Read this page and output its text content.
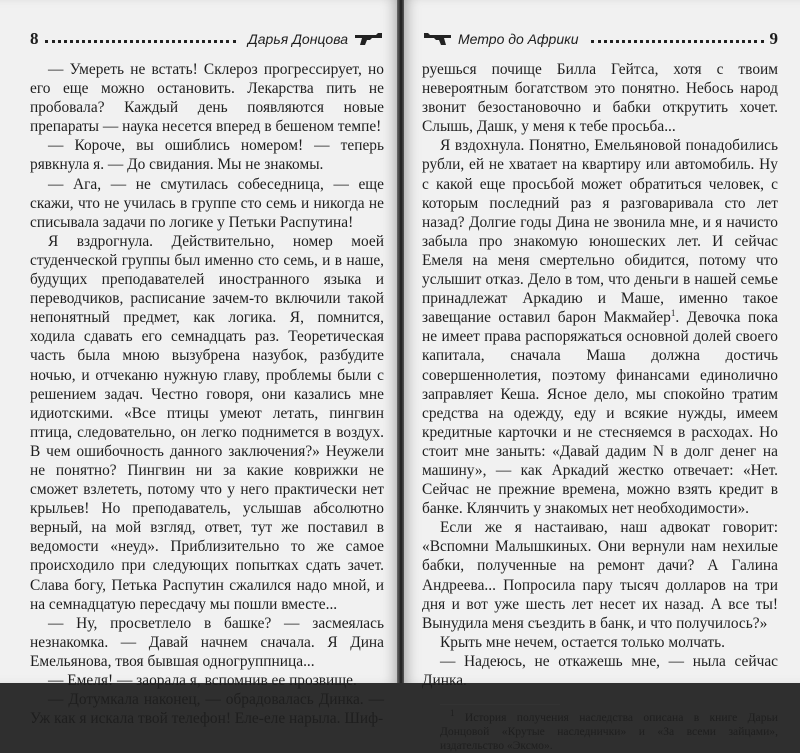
8	Дарья Донцова

— Умереть не встать! Склероз прогрессирует, но его еще можно остановить. Лекарства пить не пробовала? Каждый день появляются новые препараты — наука несется вперед в бешеном темпе!

— Короче, вы ошиблись номером! — теперь рявкнула я. — До свидания. Мы не знакомы.

— Ага, — не смутилась собеседница, — еще скажи, что не училась в группе сто семь и никогда не списывала задачи по логике у Петьки Распутина!

Я вздрогнула. Действительно, номер моей студенческой группы был именно сто семь, и в наше, будущих преподавателей иностранного языка и переводчиков, расписание зачем-то включили такой непонятный предмет, как логика. Я, помнится, ходила сдавать его семнадцать раз. Теоретическая часть была мною вызубрена назубок, разбудите ночью, и отчеканю нужную главу, проблемы были с решением задач. Честно говоря, они казались мне идиотскими. «Все птицы умеют летать, пингвин птица, следовательно, он легко поднимется в воздух. В чем ошибочность данного заключения?» Неужели не понятно? Пингвин ни за какие коврижки не сможет взлететь, потому что у него практически нет крыльев! Но преподаватель, услышав абсолютно верный, на мой взгляд, ответ, тут же поставил в ведомости «неуд». Приблизительно то же самое происходило при следующих попытках сдать зачет. Слава богу, Петька Распутин сжалился надо мной, и на семнадцатую пересдачу мы пошли вместе...

— Ну, просветлело в башке? — засмеялась незнакомка. — Давай начнем сначала. Я Дина Емельянова, твоя бывшая одногруппница...

— Емеля! — заорала я, вспомнив ее прозвище.

— Дотумкала наконец, — обрадовалась Динка. — Уж как я искала твой телефон! Еле-еле нарыла. Шиф-

Метро до Африки	9

руешься почище Билла Гейтса, хотя с твоим невероятным богатством это понятно. Небось народ звонит безостановочно и бабки открутить хочет. Слышь, Дашк, у меня к тебе просьба...

Я вздохнула. Понятно, Емельяновой понадобились рубли, ей не хватает на квартиру или автомобиль. Ну с какой еще просьбой может обратиться человек, с которым последний раз я разговаривала сто лет назад? Долгие годы Дина не звонила мне, и я начисто забыла про знакомую юношеских лет. И сейчас Емеля на меня смертельно обидится, потому что услышит отказ. Дело в том, что деньги в нашей семье принадлежат Аркадию и Маше, именно такое завещание оставил барон Макмайер$^1$. Девочка пока не имеет права распоряжаться основной долей своего капитала, сначала Маша должна достичь совершеннолетия, поэтому финансами единолично заправляет Кеша. Ясное дело, мы спокойно тратим средства на одежду, еду и всякие нужды, имеем кредитные карточки и не стесняемся в расходах. Но стоит мне заныть: «Давай дадим N в долг денег на машину», — как Аркадий жестко отвечает: «Нет. Сейчас не прежние времена, можно взять кредит в банке. Клянчить у знакомых нет необходимости».

Если же я настаиваю, наш адвокат говорит: «Вспомни Малышкиных. Они вернули нам нехилые бабки, полученные на ремонт дачи? А Галина Андреева... Попросила пару тысяч долларов на три дня и вот уже шесть лет несет их назад. А все ты! Вынудила меня съездить в банк, и что получилось?»

Крыть мне нечем, остается только молчать.

— Надеюсь, не откажешь мне, — ныла сейчас Динка.

$^1$ История получения наследства описана в книге Дарьи Донцовой «Крутые наследнички» и «За всеми зайцами», издательство «Эксмо».
